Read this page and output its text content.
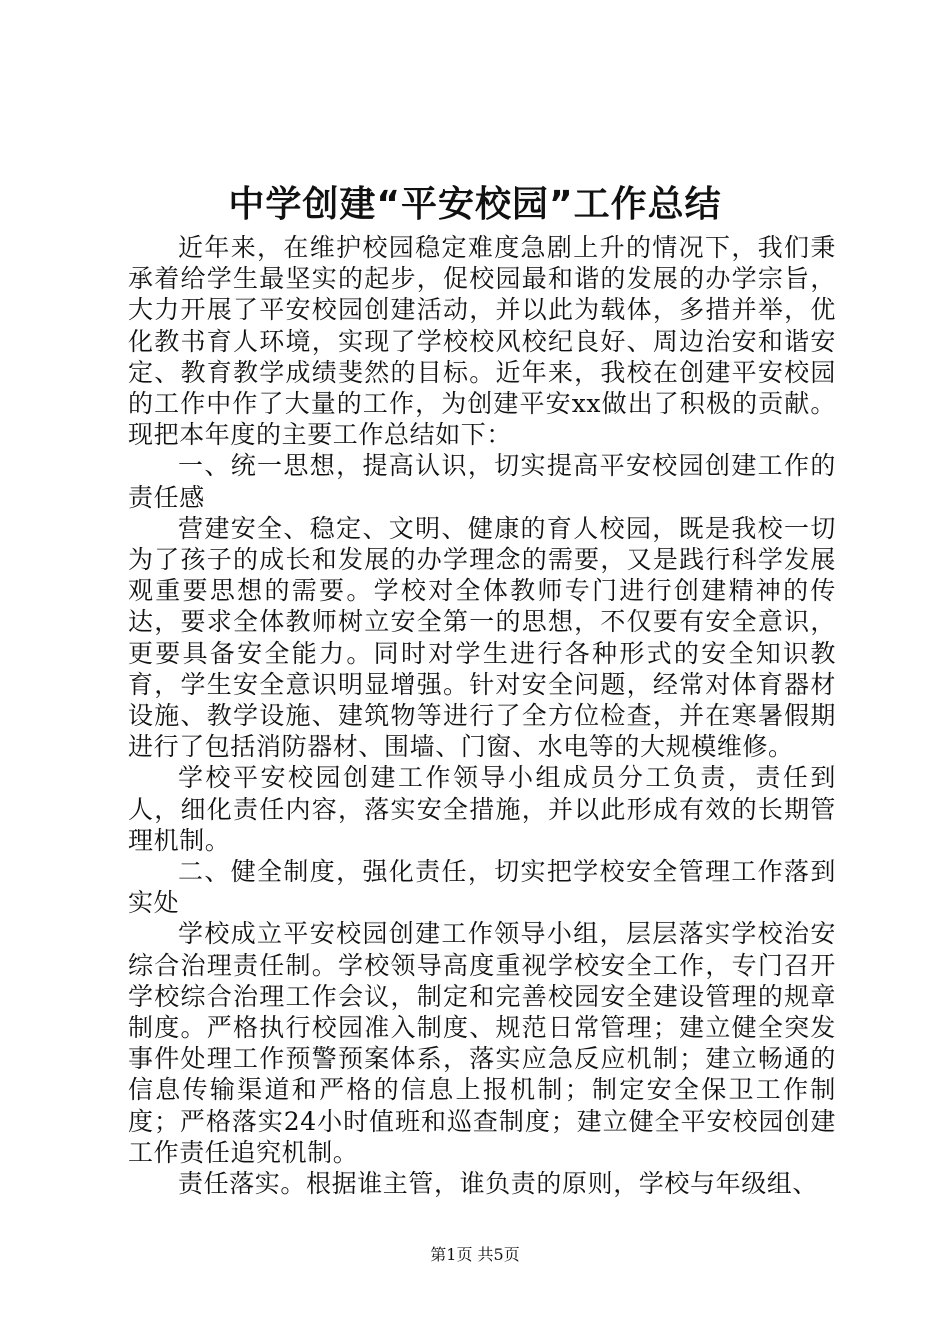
中学创建“平安校园”工作总结

近年来，在维护校园稳定难度急剧上升的情况下，我们秉承着给学生最坚实的起步，促校园最和谐的发展的办学宗旨，大力开展了平安校园创建活动，并以此为载体，多措并举，优化教书育人环境，实现了学校校风校纪良好、周边治安和谐安定、教育教学成绩斐然的目标。近年来，我校在创建平安校园的工作中作了大量的工作，为创建平安xx做出了积极的贡献。现把本年度的主要工作总结如下：

一、统一思想，提高认识，切实提高平安校园创建工作的责任感

营建安全、稳定、文明、健康的育人校园，既是我校一切为了孩子的成长和发展的办学理念的需要，又是践行科学发展观重要思想的需要。学校对全体教师专门进行创建精神的传达，要求全体教师树立安全第一的思想，不仅要有安全意识，更要具备安全能力。同时对学生进行各种形式的安全知识教育，学生安全意识明显增强。针对安全问题，经常对体育器材设施、教学设施、建筑物等进行了全方位检查，并在寒暑假期进行了包括消防器材、围墙、门窗、水电等的大规模维修。

学校平安校园创建工作领导小组成员分工负责，责任到人，细化责任内容，落实安全措施，并以此形成有效的长期管理机制。

二、健全制度，强化责任，切实把学校安全管理工作落到实处

学校成立平安校园创建工作领导小组，层层落实学校治安综合治理责任制。学校领导高度重视学校安全工作，专门召开学校综合治理工作会议，制定和完善校园安全建设管理的规章制度。严格执行校园准入制度、规范日常管理；建立健全突发事件处理工作预警预案体系，落实应急反应机制；建立畅通的信息传输渠道和严格的信息上报机制；制定安全保卫工作制度；严格落实24小时值班和巡查制度；建立健全平安校园创建工作责任追究机制。

责任落实。根据谁主管，谁负责的原则，学校与年级组、

第1页 共5页
